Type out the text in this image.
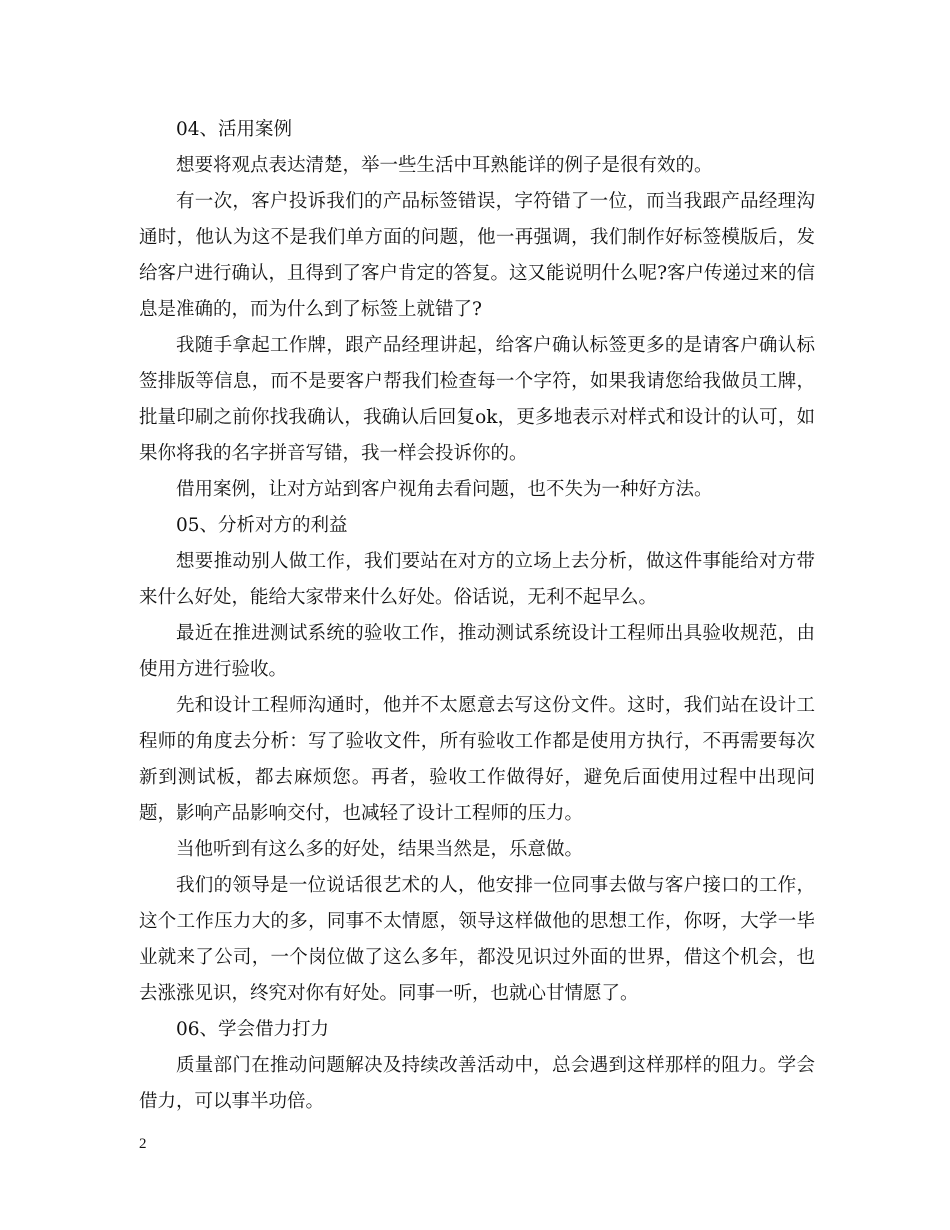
04、活用案例

想要将观点表达清楚，举一些生活中耳熟能详的例子是很有效的。

有一次，客户投诉我们的产品标签错误，字符错了一位，而当我跟产品经理沟通时，他认为这不是我们单方面的问题，他一再强调，我们制作好标签模版后，发给客户进行确认，且得到了客户肯定的答复。这又能说明什么呢?客户传递过来的信息是准确的，而为什么到了标签上就错了?

我随手拿起工作牌，跟产品经理讲起，给客户确认标签更多的是请客户确认标签排版等信息，而不是要客户帮我们检查每一个字符，如果我请您给我做员工牌，批量印刷之前你找我确认，我确认后回复ok，更多地表示对样式和设计的认可，如果你将我的名字拼音写错，我一样会投诉你的。

借用案例，让对方站到客户视角去看问题，也不失为一种好方法。

05、分析对方的利益

想要推动别人做工作，我们要站在对方的立场上去分析，做这件事能给对方带来什么好处，能给大家带来什么好处。俗话说，无利不起早么。

最近在推进测试系统的验收工作，推动测试系统设计工程师出具验收规范，由使用方进行验收。

先和设计工程师沟通时，他并不太愿意去写这份文件。这时，我们站在设计工程师的角度去分析：写了验收文件，所有验收工作都是使用方执行，不再需要每次新到测试板，都去麻烦您。再者，验收工作做得好，避免后面使用过程中出现问题，影响产品影响交付，也减轻了设计工程师的压力。

当他听到有这么多的好处，结果当然是，乐意做。

我们的领导是一位说话很艺术的人，他安排一位同事去做与客户接口的工作，这个工作压力大的多，同事不太情愿，领导这样做他的思想工作，你呀，大学一毕业就来了公司，一个岗位做了这么多年，都没见识过外面的世界，借这个机会，也去涨涨见识，终究对你有好处。同事一听，也就心甘情愿了。

06、学会借力打力

质量部门在推动问题解决及持续改善活动中，总会遇到这样那样的阻力。学会借力，可以事半功倍。

2
